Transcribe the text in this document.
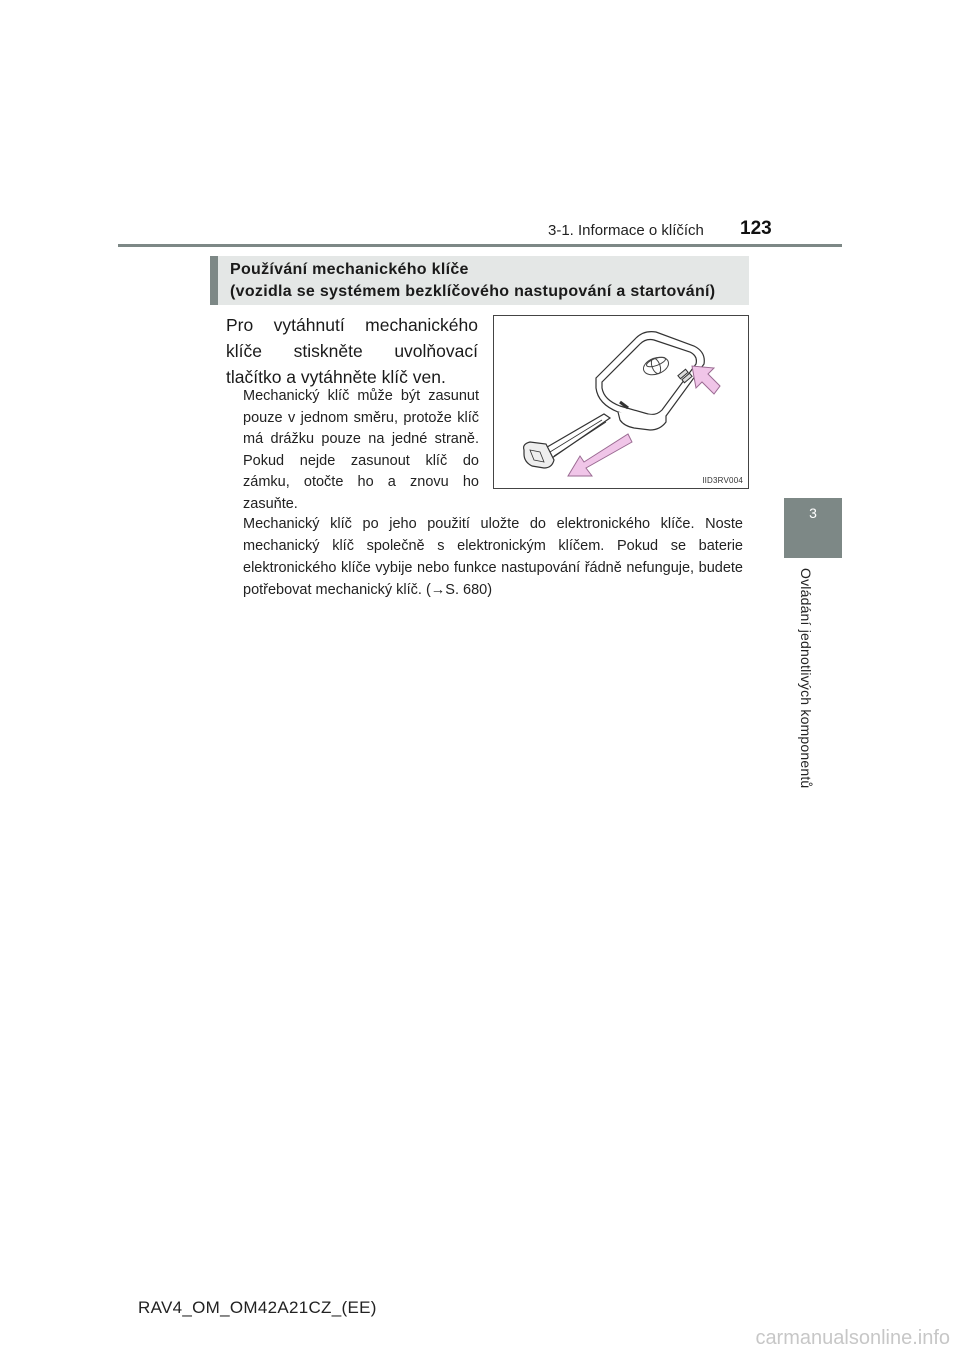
3-1. Informace o klíčích 123
3
Ovládání jednotlivých komponentů
Používání mechanického klíče
(vozidla se systémem bezklíčového nastupování a startování)
Pro vytáhnutí mechanického klíče stiskněte uvolňovací tlačítko a vytáhněte klíč ven.
Mechanický klíč může být zasunut pouze v jednom směru, protože klíč má drážku pouze na jedné straně. Pokud nejde zasunout klíč do zámku, otočte ho a znovu ho zasuňte.
Mechanický klíč po jeho použití uložte do elektronického klíče. Noste mechanický klíč společně s elektronickým klíčem. Pokud se baterie elektronického klíče vybije nebo funkce nastupování řádně nefunguje, budete potřebovat mechanický klíč. (→S. 680)
IID3RV004
RAV4_OM_OM42A21CZ_(EE)
carmanualsonline.info
